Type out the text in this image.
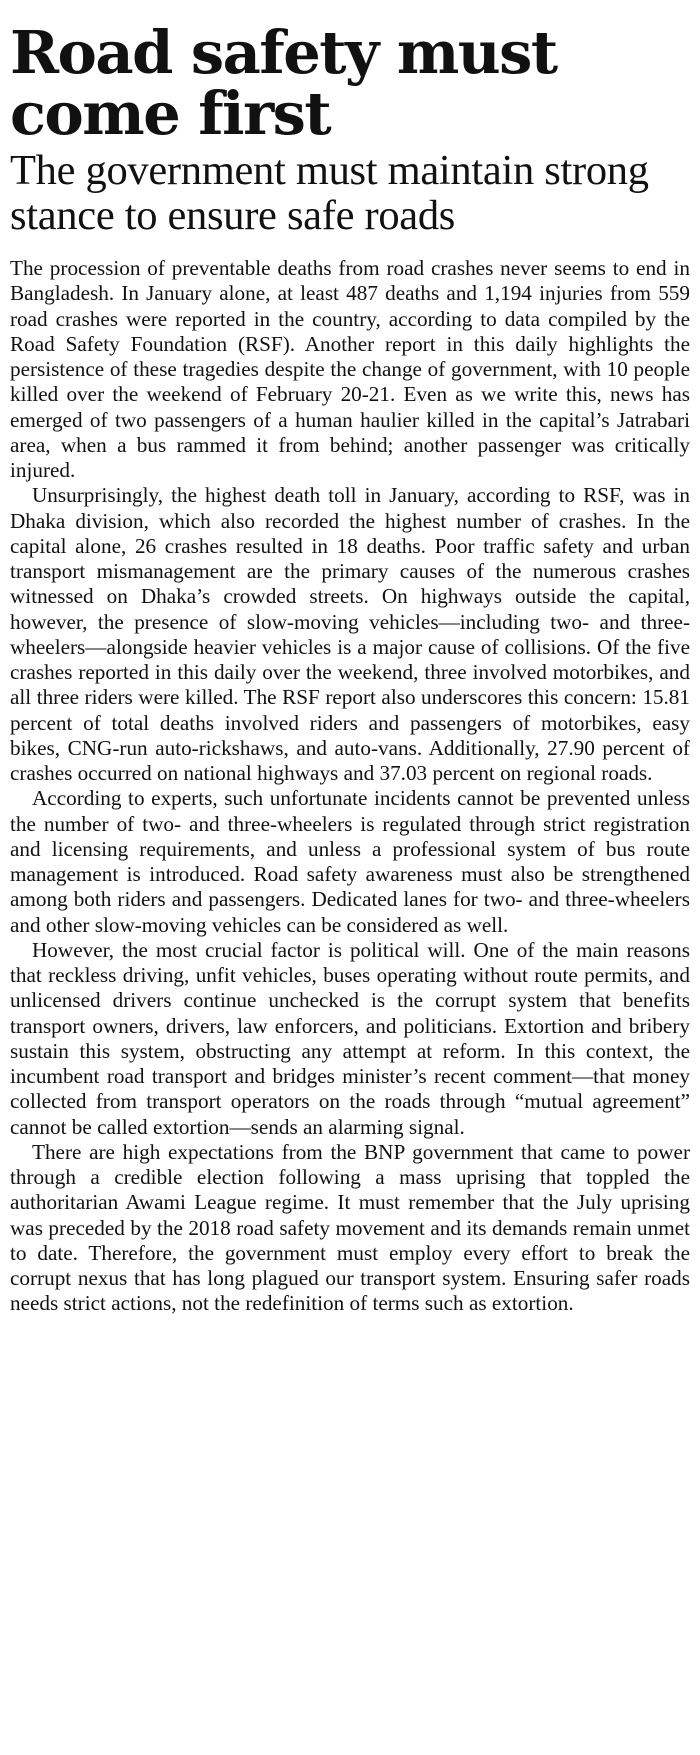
Road safety must come first
The government must maintain strong stance to ensure safe roads

The procession of preventable deaths from road crashes never seems to end in Bangladesh. In January alone, at least 487 deaths and 1,194 injuries from 559 road crashes were reported in the country, according to data compiled by the Road Safety Foundation (RSF). Another report in this daily highlights the persistence of these tragedies despite the change of government, with 10 people killed over the weekend of February 20-21. Even as we write this, news has emerged of two passengers of a human haulier killed in the capital’s Jatrabari area, when a bus rammed it from behind; another passenger was critically injured.

Unsurprisingly, the highest death toll in January, according to RSF, was in Dhaka division, which also recorded the highest number of crashes. In the capital alone, 26 crashes resulted in 18 deaths. Poor traffic safety and urban transport mismanagement are the primary causes of the numerous crashes witnessed on Dhaka’s crowded streets. On highways outside the capital, however, the presence of slow-moving vehicles—including two- and three-wheelers—alongside heavier vehicles is a major cause of collisions. Of the five crashes reported in this daily over the weekend, three involved motorbikes, and all three riders were killed. The RSF report also underscores this concern: 15.81 percent of total deaths involved riders and passengers of motorbikes, easy bikes, CNG-run auto-rickshaws, and auto-vans. Additionally, 27.90 percent of crashes occurred on national highways and 37.03 percent on regional roads.

According to experts, such unfortunate incidents cannot be prevented unless the number of two- and three-wheelers is regulated through strict registration and licensing requirements, and unless a professional system of bus route management is introduced. Road safety awareness must also be strengthened among both riders and passengers. Dedicated lanes for two- and three-wheelers and other slow-moving vehicles can be considered as well.

However, the most crucial factor is political will. One of the main reasons that reckless driving, unfit vehicles, buses operating without route permits, and unlicensed drivers continue unchecked is the corrupt system that benefits transport owners, drivers, law enforcers, and politicians. Extortion and bribery sustain this system, obstructing any attempt at reform. In this context, the incumbent road transport and bridges minister’s recent comment—that money collected from transport operators on the roads through “mutual agreement” cannot be called extortion—sends an alarming signal.

There are high expectations from the BNP government that came to power through a credible election following a mass uprising that toppled the authoritarian Awami League regime. It must remember that the July uprising was preceded by the 2018 road safety movement and its demands remain unmet to date. Therefore, the government must employ every effort to break the corrupt nexus that has long plagued our transport system. Ensuring safer roads needs strict actions, not the redefinition of terms such as extortion.
